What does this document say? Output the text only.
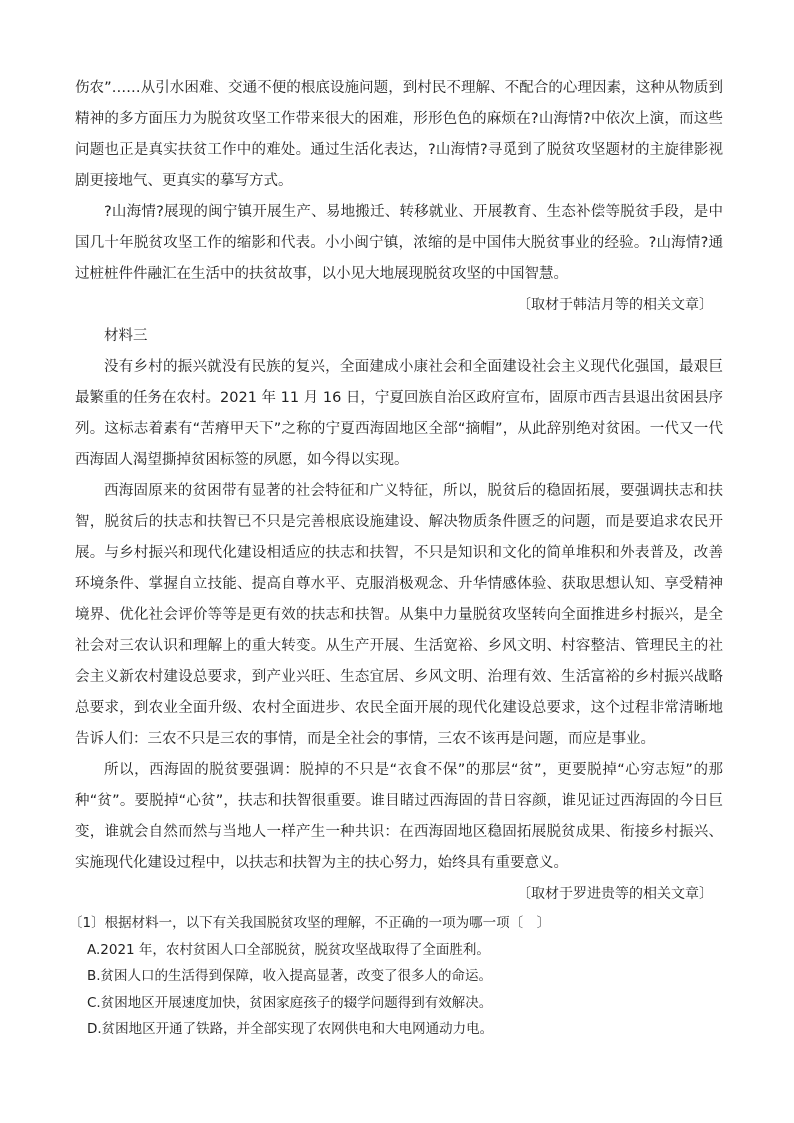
伤农”……从引水困难、交通不便的根底设施问题，到村民不理解、不配合的心理因素，这种从物质到精神的多方面压力为脱贫攻坚工作带来很大的困难，形形色色的麻烦在?山海情?中依次上演，而这些问题也正是真实扶贫工作中的难处。通过生活化表达，?山海情?寻觅到了脱贫攻坚题材的主旋律影视剧更接地气、更真实的摹写方式。

?山海情?展现的闽宁镇开展生产、易地搬迁、转移就业、开展教育、生态补偿等脱贫手段，是中国几十年脱贫攻坚工作的缩影和代表。小小闽宁镇，浓缩的是中国伟大脱贫事业的经验。?山海情?通过桩桩件件融汇在生活中的扶贫故事，以小见大地展现脱贫攻坚的中国智慧。

〔取材于韩洁月等的相关文章〕

材料三

没有乡村的振兴就没有民族的复兴，全面建成小康社会和全面建设社会主义现代化强国，最艰巨最繁重的任务在农村。2021 年 11 月 16 日，宁夏回族自治区政府宣布，固原市西吉县退出贫困县序列。这标志着素有“苦瘠甲天下”之称的宁夏西海固地区全部“摘帽”，从此辞别绝对贫困。一代又一代西海固人渴望撕掉贫困标签的夙愿，如今得以实现。

西海固原来的贫困带有显著的社会特征和广义特征，所以，脱贫后的稳固拓展，要强调扶志和扶智，脱贫后的扶志和扶智已不只是完善根底设施建设、解决物质条件匮乏的问题，而是要追求农民开展。与乡村振兴和现代化建设相适应的扶志和扶智，不只是知识和文化的简单堆积和外表普及，改善环境条件、掌握自立技能、提高自尊水平、克服消极观念、升华情感体验、获取思想认知、享受精神境界、优化社会评价等等是更有效的扶志和扶智。从集中力量脱贫攻坚转向全面推进乡村振兴，是全社会对三农认识和理解上的重大转变。从生产开展、生活宽裕、乡风文明、村容整洁、管理民主的社会主义新农村建设总要求，到产业兴旺、生态宜居、乡风文明、治理有效、生活富裕的乡村振兴战略总要求，到农业全面升级、农村全面进步、农民全面开展的现代化建设总要求，这个过程非常清晰地告诉人们：三农不只是三农的事情，而是全社会的事情，三农不该再是问题，而应是事业。

所以，西海固的脱贫要强调：脱掉的不只是“衣食不保”的那层“贫”，更要脱掉“心穷志短”的那种“贫”。要脱掉“心贫”，扶志和扶智很重要。谁目睹过西海固的昔日容颜，谁见证过西海固的今日巨变，谁就会自然而然与当地人一样产生一种共识：在西海固地区稳固拓展脱贫成果、衔接乡村振兴、实施现代化建设过程中，以扶志和扶智为主的扶心努力，始终具有重要意义。

〔取材于罗进贵等的相关文章〕

〔1〕根据材料一，以下有关我国脱贫攻坚的理解，不正确的一项为哪一项〔　〕

A.2021 年，农村贫困人口全部脱贫，脱贫攻坚战取得了全面胜利。
B.贫困人口的生活得到保障，收入提高显著，改变了很多人的命运。
C.贫困地区开展速度加快，贫困家庭孩子的辍学问题得到有效解决。
D.贫困地区开通了铁路，并全部实现了农网供电和大电网通动力电。
